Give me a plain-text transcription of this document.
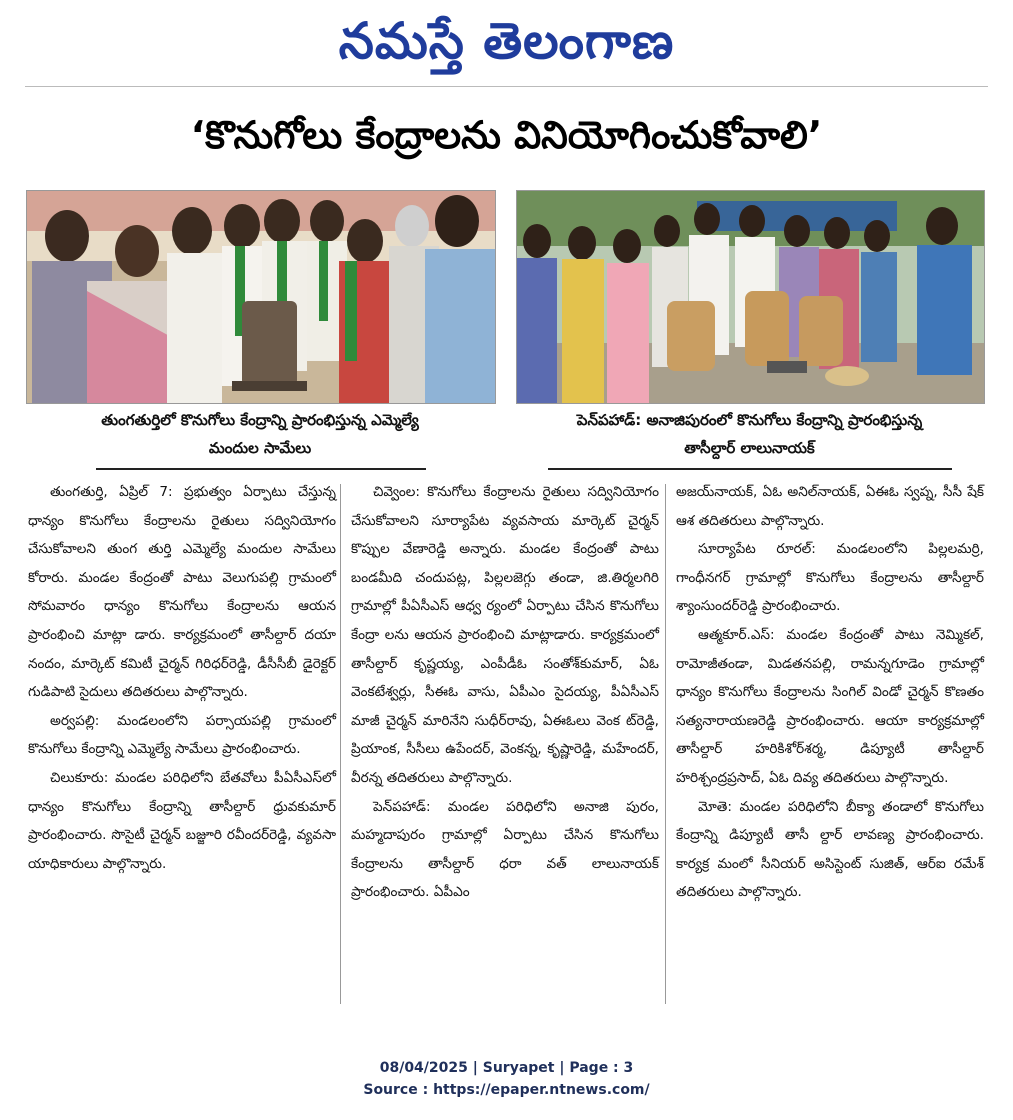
నమస్తే తెలంగాణ
‘కొనుగోలు కేంద్రాలను వినియోగించుకోవాలి’
తుంగతుర్తిలో కొనుగోలు కేంద్రాన్ని ప్రారంభిస్తున్న ఎమ్మెల్యే
మందుల సామేలు
పెన్‌పహాడ్‌: అనాజిపురంలో కొనుగోలు కేంద్రాన్ని ప్రారంభిస్తున్న
తాసీల్దార్‌ లాలునాయక్‌

తుంగతుర్తి, ఏప్రిల్‌ 7: ప్రభుత్వం ఏర్పాటు చేస్తున్న ధాన్యం కొనుగోలు కేంద్రాలను రైతులు సద్వినియోగం చేసుకోవాలని తుంగ తుర్తి ఎమ్మెల్యే మందుల సామేలు కోరారు. మండల కేంద్రంతో పాటు వెలుగుపల్లి గ్రామంలో సోమవారం ధాన్యం కొనుగోలు కేంద్రాలను ఆయన ప్రారంభించి మాట్లా డారు. కార్యక్రమంలో తాసీల్దార్‌ దయా నందం, మార్కెట్‌ కమిటీ చైర్మన్‌ గిరిధర్‌రెడ్డి, డీసీసీబీ డైరెక్టర్‌ గుడిపాటి సైదులు తదితరులు పాల్గొన్నారు.

అర్వపల్లి: మండలంలోని పర్సాయపల్లి గ్రామంలో కొనుగోలు కేంద్రాన్ని ఎమ్మెల్యే సామేలు ప్రారంభించారు.

చిలుకూరు: మండల పరిధిలోని బేతవోలు పీఏసీఎస్‌లో ధాన్యం కొనుగోలు కేంద్రాన్ని తాసీల్దార్‌ ధ్రువకుమార్‌ ప్రారంభించారు. సొసైటీ చైర్మన్‌ బజ్జూరి రవీందర్‌రెడ్డి, వ్యవసా యాధికారులు పాల్గొన్నారు.

చివ్వెంల: కొనుగోలు కేంద్రాలను రైతులు సద్వినియోగం చేసుకోవాలని సూర్యాపేట వ్యవసాయ మార్కెట్‌ చైర్మన్‌ కొప్పుల వేణారెడ్డి అన్నారు. మండల కేంద్రంతో పాటు బండమీది చందుపట్ల, పిల్లలజెగ్గు తండా, జి.తిర్మలగిరి గ్రామాల్లో పీఏసీఎస్‌ ఆధ్వ ర్యంలో ఏర్పాటు చేసిన కొనుగోలు కేంద్రా లను ఆయన ప్రారంభించి మాట్లాడారు. కార్యక్రమంలో తాసీల్దార్‌ కృష్ణయ్య, ఎంపీడీఓ సంతోశ్‌కుమార్‌, ఏఓ వెంకటేశ్వర్లు, సీఈఓ వాసు, ఏపీఎం సైదయ్య, పీఏసీఎస్‌ మాజీ చైర్మన్‌ మారినేని సుధీర్‌రావు, ఏఈఓలు వెంక ట్‌రెడ్డి, ప్రియాంక, సీసీలు ఉపేందర్‌, వెంకన్న, కృష్ణారెడ్డి, మహేందర్‌, వీరన్న తదితరులు పాల్గొన్నారు.

పెన్‌పహాడ్‌: మండల పరిధిలోని అనాజి పురం, మహ్మదాపురం గ్రామాల్లో ఏర్పాటు చేసిన కొనుగోలు కేంద్రాలను తాసీల్దార్‌ ధరా వత్‌ లాలునాయక్‌ ప్రారంభించారు. ఏపీఎం

అజయ్‌నాయక్‌, ఏఓ అనిల్‌నాయక్‌, ఏఈఓ స్వప్న, సీసీ షేక్‌ ఆశ తదితరులు పాల్గొన్నారు.

సూర్యాపేట రూరల్‌: మండలంలోని పిల్లలమర్రి, గాంధీనగర్‌ గ్రామాల్లో కొనుగోలు కేంద్రాలను తాసీల్దార్‌ శ్యాంసుందర్‌రెడ్డి ప్రారంభించారు.

ఆత్మకూర్‌.ఎస్‌: మండల కేంద్రంతో పాటు నెమ్మికల్‌, రామోజీతండా, మిడతనపల్లి, రామన్నగూడెం గ్రామాల్లో ధాన్యం కొనుగోలు కేంద్రాలను సింగిల్‌ విండో చైర్మన్‌ కొణతం సత్యనారాయణరెడ్డి ప్రారంభించారు. ఆయా కార్యక్రమాల్లో తాసీల్దార్‌ హరికిశోర్‌శర్మ, డిప్యూటీ తాసీల్దార్‌ హరిశ్చంద్రప్రసాద్‌, ఏఓ దివ్య తదితరులు పాల్గొన్నారు.

మోతె: మండల పరిధిలోని బీక్యా తండాలో కొనుగోలు కేంద్రాన్ని డిప్యూటీ తాసీ ల్దార్‌ లావణ్య ప్రారంభించారు. కార్యక్ర మంలో సీనియర్‌ అసిస్టెంట్‌ సుజిత్‌, ఆర్‌ఐ రమేశ్‌ తదితరులు పాల్గొన్నారు.

08/04/2025 | Suryapet | Page : 3
Source : https://epaper.ntnews.com/
